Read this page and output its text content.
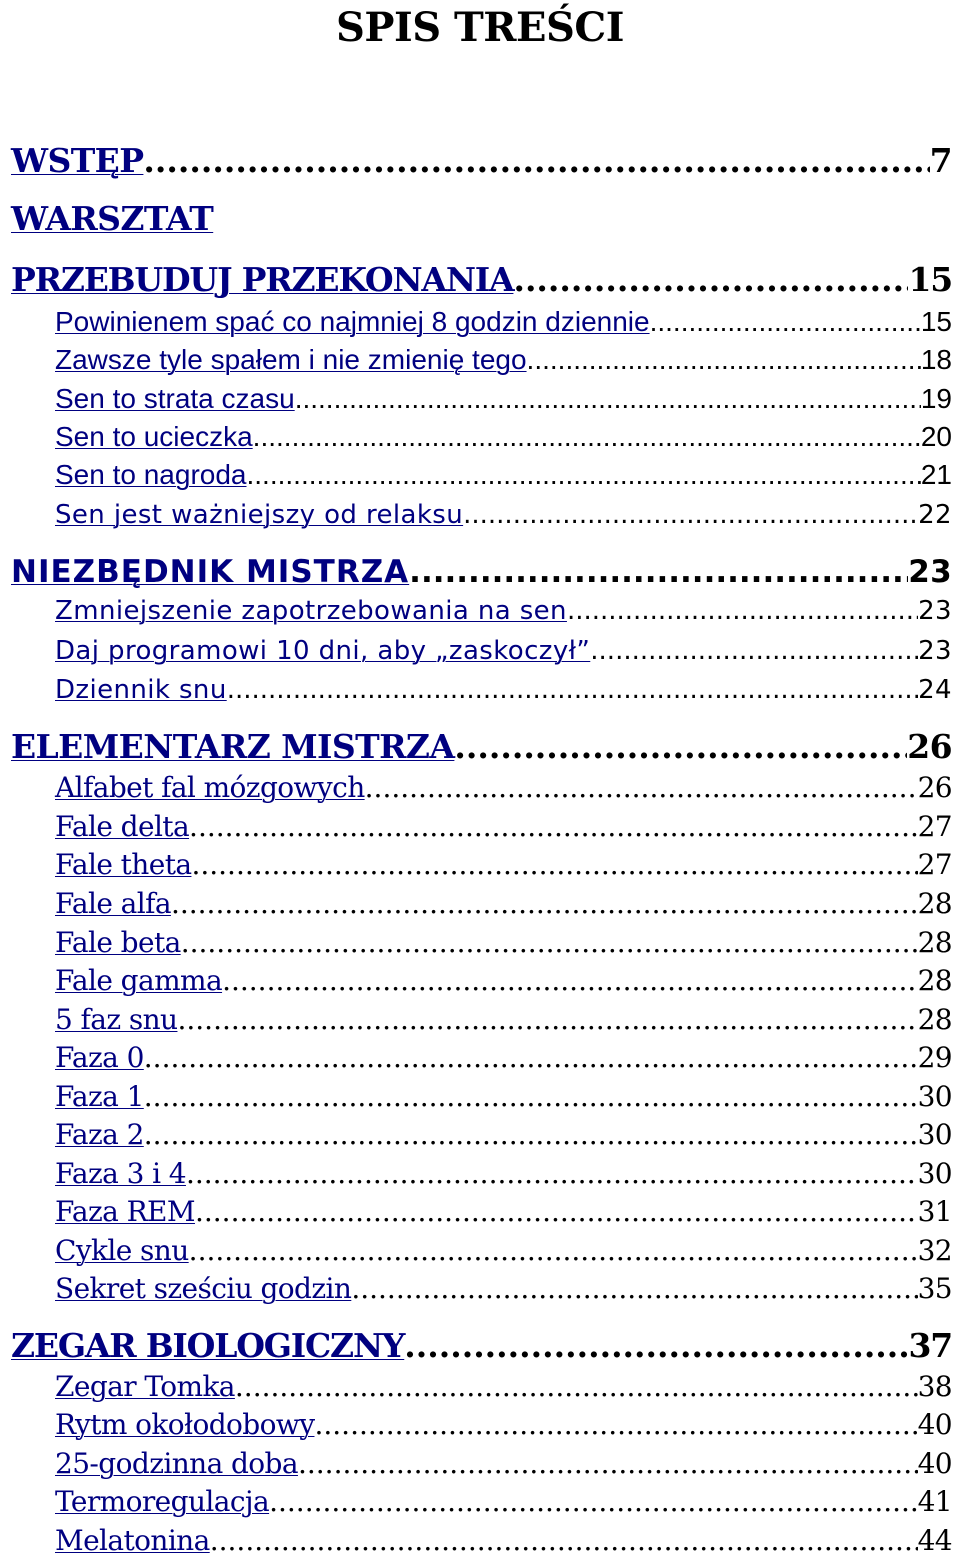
SPIS TREŚCI
WSTĘP .....	7
WARSZTAT
PRZEBUDUJ PRZEKONANIA .....	15
Powinienem spać co najmniej 8 godzin dziennie .....	15
Zawsze tyle spałem i nie zmienię tego .....	18
Sen to strata czasu .....	19
Sen to ucieczka .....	20
Sen to nagroda .....	21
Sen jest ważniejszy od relaksu .....	22
NIEZBĘDNIK MISTRZA .....	23
Zmniejszenie zapotrzebowania na sen .....	23
Daj programowi 10 dni, aby „zaskoczył” .....	23
Dziennik snu .....	24
ELEMENTARZ MISTRZA .....	26
Alfabet fal mózgowych .....	26
Fale delta .....	27
Fale theta .....	27
Fale alfa .....	28
Fale beta .....	28
Fale gamma .....	28
5 faz snu .....	28
Faza 0 .....	29
Faza 1 .....	30
Faza 2 .....	30
Faza 3 i 4 .....	30
Faza REM .....	31
Cykle snu .....	32
Sekret sześciu godzin .....	35
ZEGAR BIOLOGICZNY .....	37
Zegar Tomka .....	38
Rytm okołodobowy .....	40
25-godzinna doba .....	40
Termoregulacja .....	41
Melatonina .....	44
